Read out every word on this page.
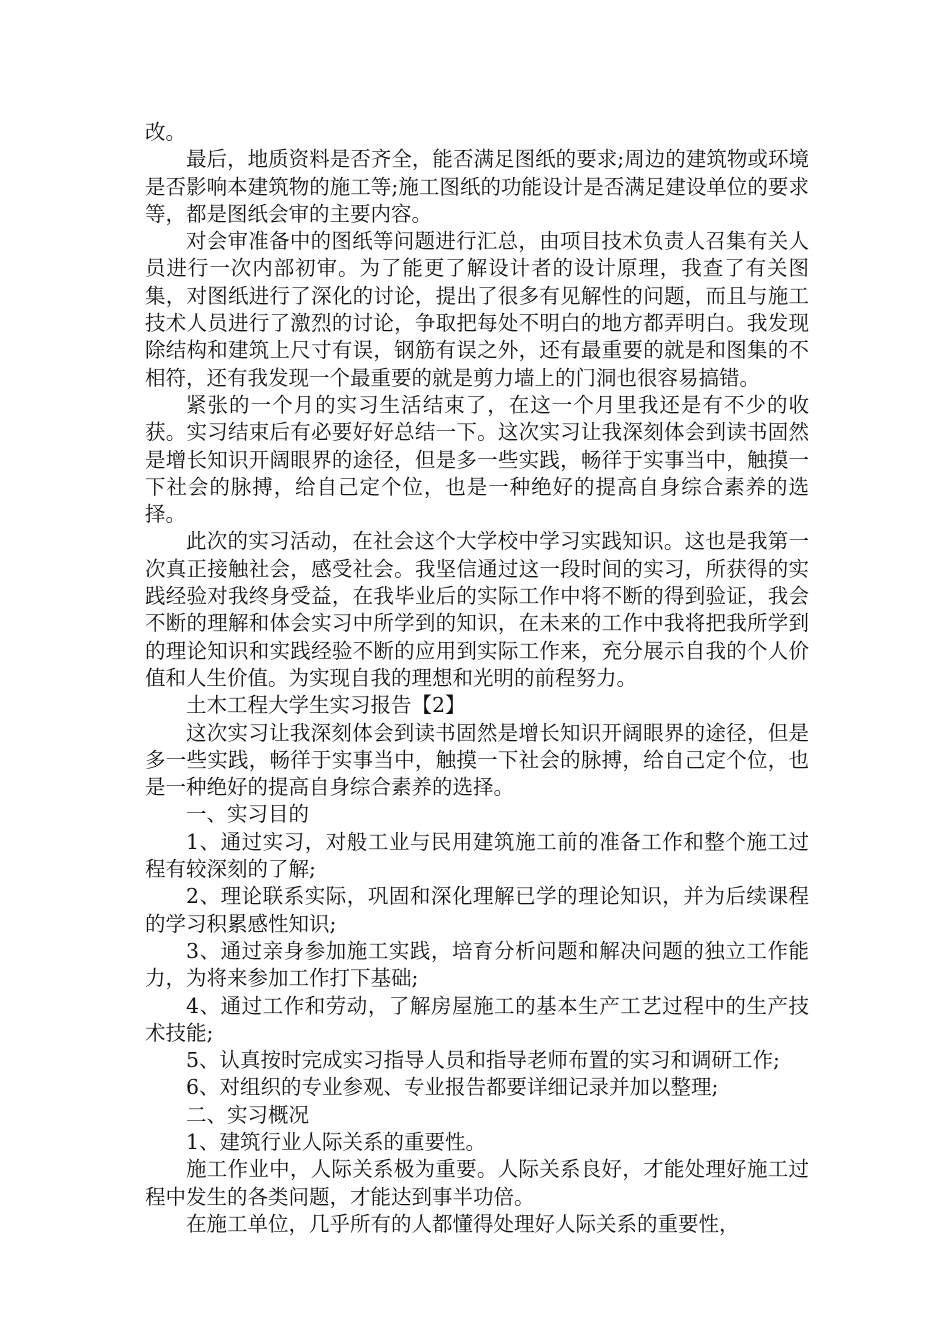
改。

最后，地质资料是否齐全，能否满足图纸的要求;周边的建筑物或环境是否影响本建筑物的施工等;施工图纸的功能设计是否满足建设单位的要求等，都是图纸会审的主要内容。

对会审准备中的图纸等问题进行汇总，由项目技术负责人召集有关人员进行一次内部初审。为了能更了解设计者的设计原理，我查了有关图集，对图纸进行了深化的讨论，提出了很多有见解性的问题，而且与施工技术人员进行了激烈的讨论，争取把每处不明白的地方都弄明白。我发现除结构和建筑上尺寸有误，钢筋有误之外，还有最重要的就是和图集的不相符，还有我发现一个最重要的就是剪力墙上的门洞也很容易搞错。

紧张的一个月的实习生活结束了，在这一个月里我还是有不少的收获。实习结束后有必要好好总结一下。这次实习让我深刻体会到读书固然是增长知识开阔眼界的途径，但是多一些实践，畅徉于实事当中，触摸一下社会的脉搏，给自己定个位，也是一种绝好的提高自身综合素养的选择。

此次的实习活动，在社会这个大学校中学习实践知识。这也是我第一次真正接触社会，感受社会。我坚信通过这一段时间的实习，所获得的实践经验对我终身受益，在我毕业后的实际工作中将不断的得到验证，我会不断的理解和体会实习中所学到的知识，在未来的工作中我将把我所学到的理论知识和实践经验不断的应用到实际工作来，充分展示自我的个人价值和人生价值。为实现自我的理想和光明的前程努力。

土木工程大学生实习报告【2】

这次实习让我深刻体会到读书固然是增长知识开阔眼界的途径，但是多一些实践，畅徉于实事当中，触摸一下社会的脉搏，给自己定个位，也是一种绝好的提高自身综合素养的选择。

一、实习目的

1、通过实习，对般工业与民用建筑施工前的准备工作和整个施工过程有较深刻的了解;

2、理论联系实际，巩固和深化理解已学的理论知识，并为后续课程的学习积累感性知识;

3、通过亲身参加施工实践，培育分析问题和解决问题的独立工作能力，为将来参加工作打下基础;

4、通过工作和劳动，了解房屋施工的基本生产工艺过程中的生产技术技能;

5、认真按时完成实习指导人员和指导老师布置的实习和调研工作;

6、对组织的专业参观、专业报告都要详细记录并加以整理;

二、实习概况

1、建筑行业人际关系的重要性。

施工作业中，人际关系极为重要。人际关系良好，才能处理好施工过程中发生的各类问题，才能达到事半功倍。

在施工单位，几乎所有的人都懂得处理好人际关系的重要性，
